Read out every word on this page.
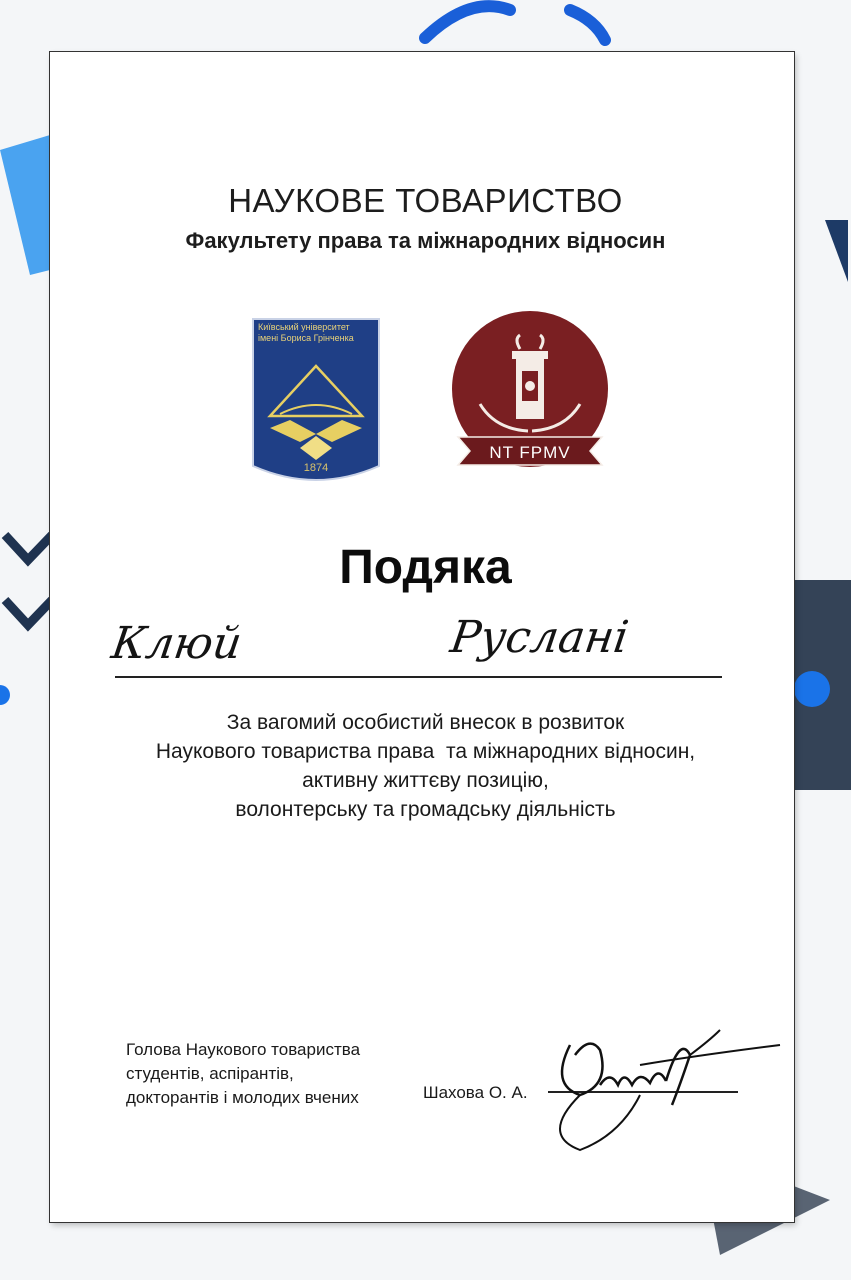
НАУКОВЕ ТОВАРИСТВО
Факультету права та міжнародних відносин
Київський університет
імені Бориса Грінченка
1874
NT FPMV
Подяка
Клюй	Руслані
За вагомий особистий внесок в розвиток
Наукового товариства права  та міжнародних відносин,
активну життєву позицію,
волонтерську та громадську діяльність
Голова Наукового товариства
студентів, аспірантів,
докторантів і молодих вчених	Шахова О. А.
